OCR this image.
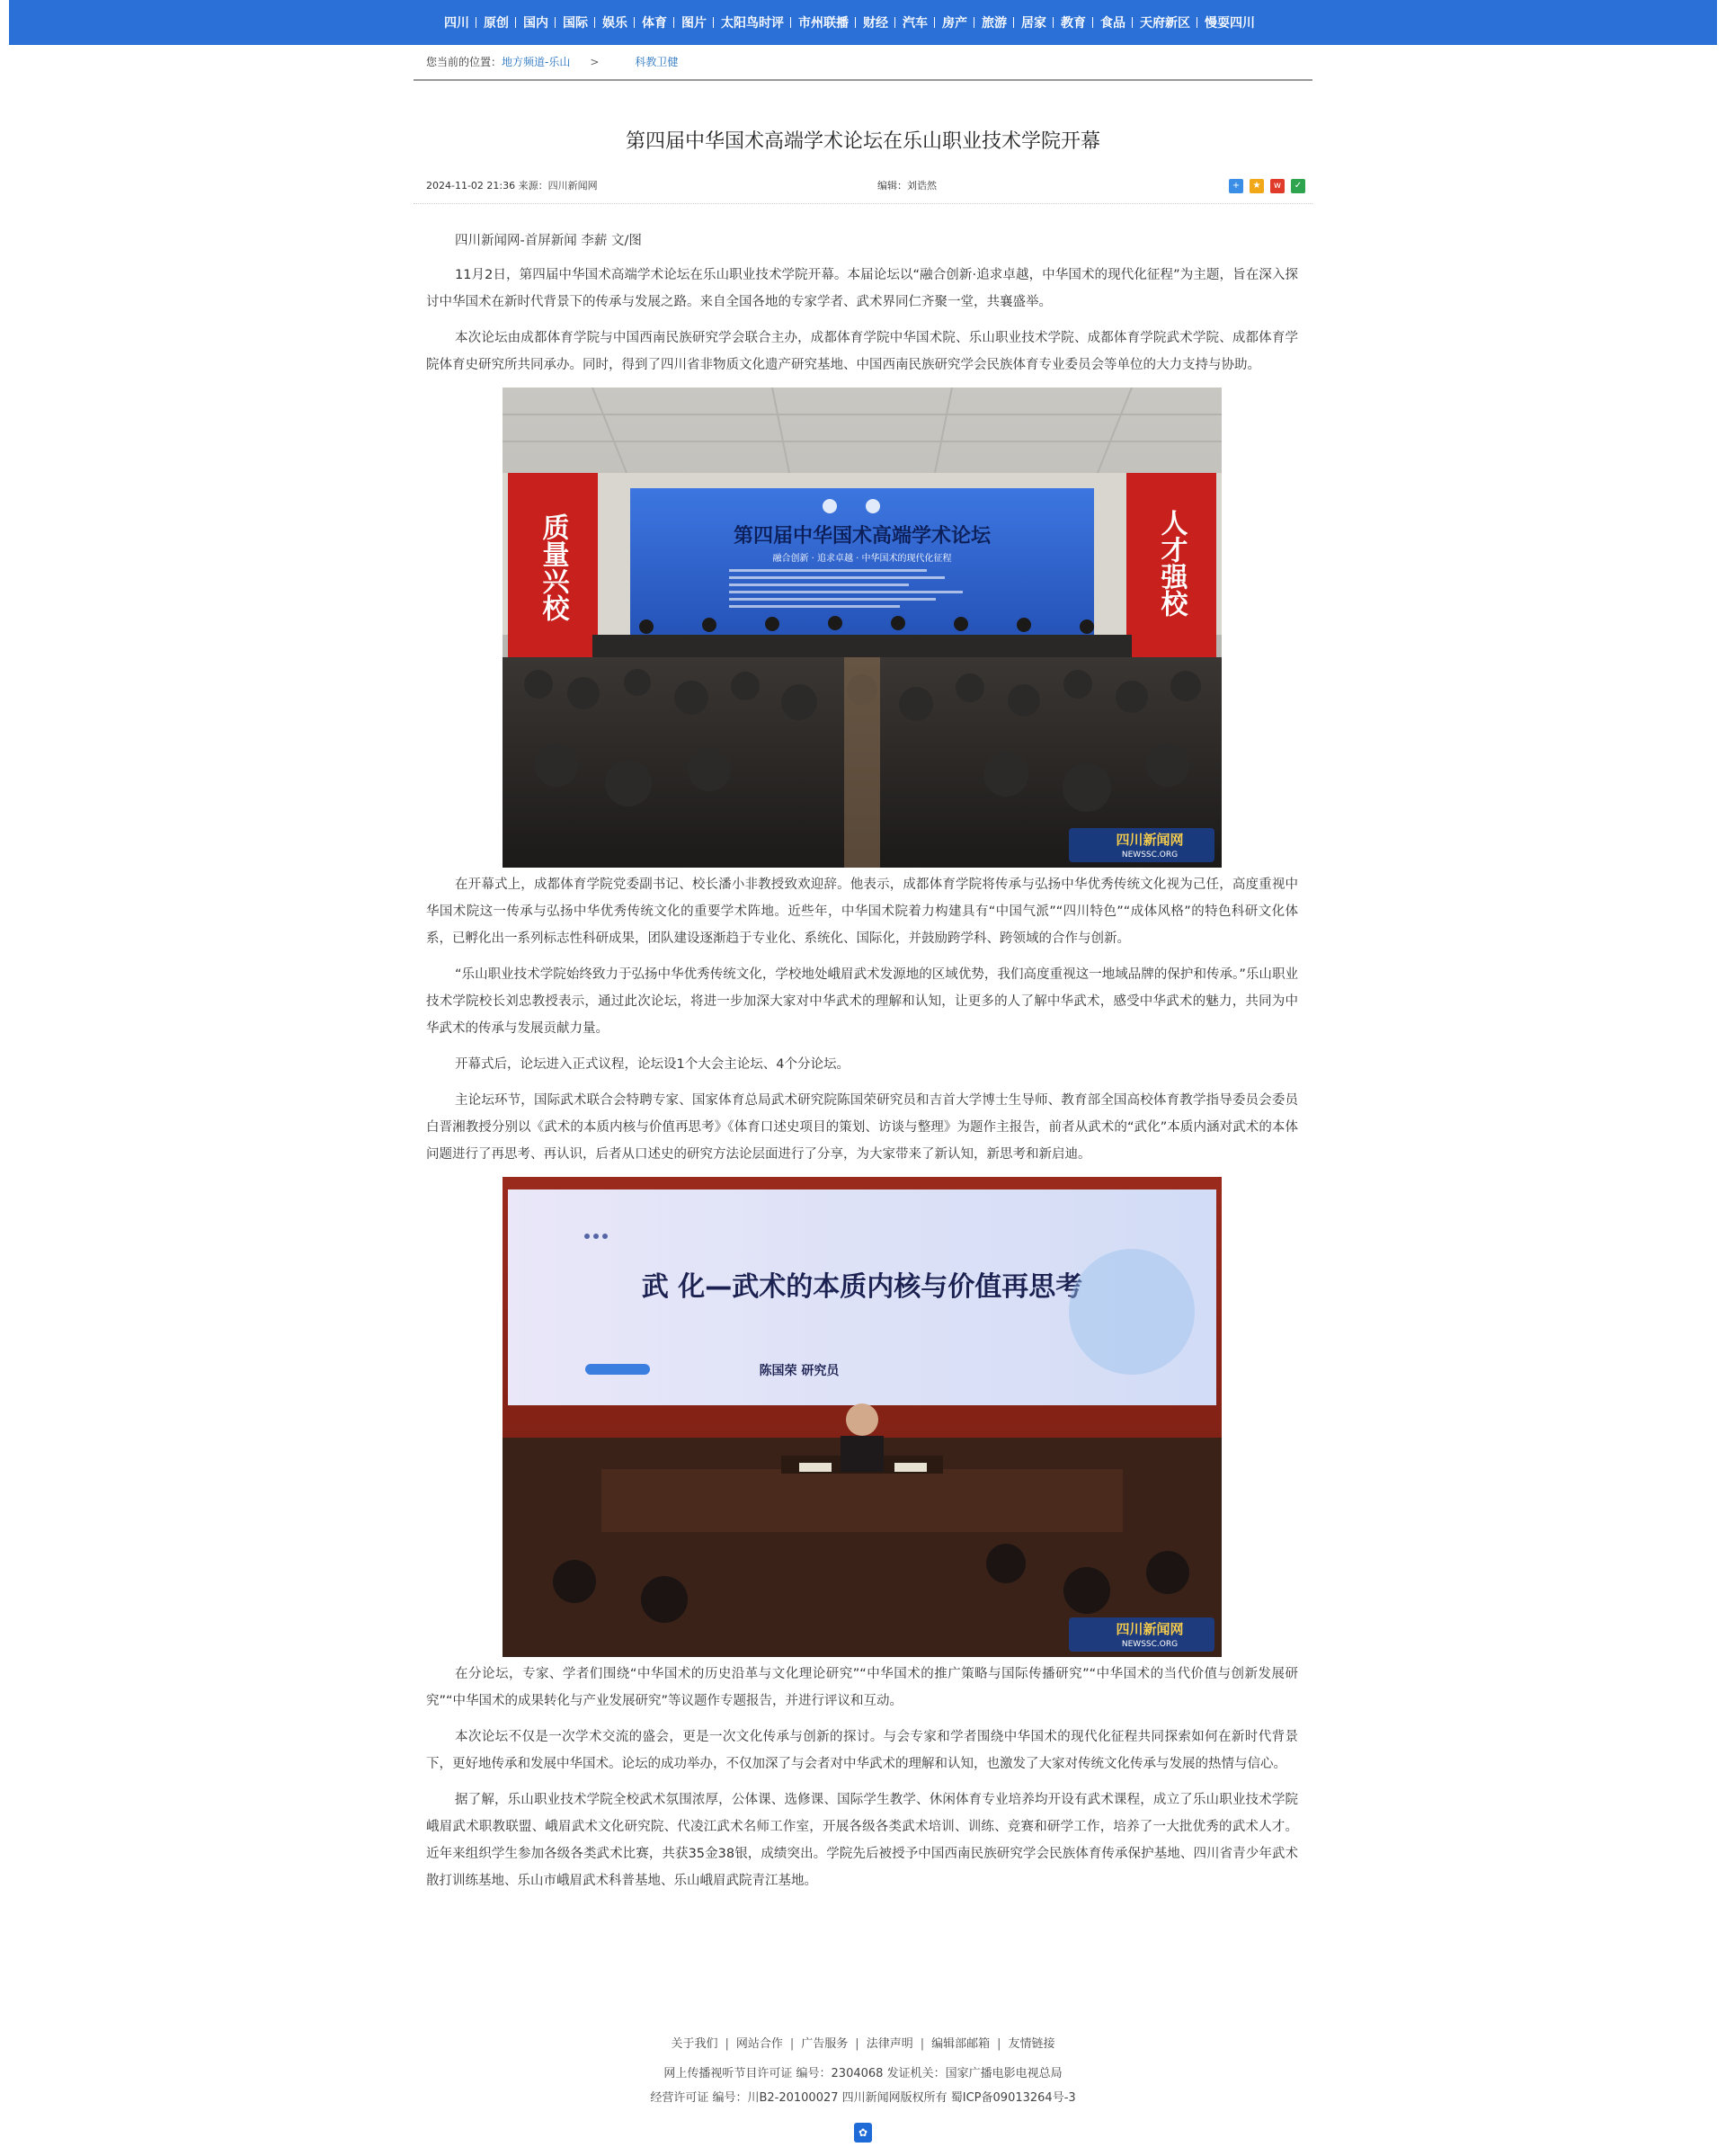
四川	原创	国内	国际	娱乐	体育	图片	太阳鸟时评	市州联播	财经	汽车	房产	旅游	居家	教育	食品	天府新区	慢耍四川
您当前的位置：地方频道-乐山 >	科教卫健
第四届中华国术高端学术论坛在乐山职业技术学院开幕
2024-11-02 21:36 来源：四川新闻网	编辑：刘诰然	+	★	w	✓

四川新闻网-首屏新闻 李薪 文/图

11月2日，第四届中华国术高端学术论坛在乐山职业技术学院开幕。本届论坛以“融合创新·追求卓越，中华国术的现代化征程”为主题，旨在深入探讨中华国术在新时代背景下的传承与发展之路。来自全国各地的专家学者、武术界同仁齐聚一堂，共襄盛举。

本次论坛由成都体育学院与中国西南民族研究学会联合主办，成都体育学院中华国术院、乐山职业技术学院、成都体育学院武术学院、成都体育学院体育史研究所共同承办。同时，得到了四川省非物质文化遗产研究基地、中国西南民族研究学会民族体育专业委员会等单位的大力支持与协助。

质量兴校	人才强校
第四届中华国术高端学术论坛
融合创新 · 追求卓越 · 中华国术的现代化征程
四川新闻网
NEWSSC.ORG

在开幕式上，成都体育学院党委副书记、校长潘小非教授致欢迎辞。他表示，成都体育学院将传承与弘扬中华优秀传统文化视为己任，高度重视中华国术院这一传承与弘扬中华优秀传统文化的重要学术阵地。近些年，中华国术院着力构建具有“中国气派”“四川特色”“成体风格”的特色科研文化体系，已孵化出一系列标志性科研成果，团队建设逐渐趋于专业化、系统化、国际化，并鼓励跨学科、跨领域的合作与创新。

“乐山职业技术学院始终致力于弘扬中华优秀传统文化，学校地处峨眉武术发源地的区域优势，我们高度重视这一地域品牌的保护和传承。”乐山职业技术学院校长刘忠教授表示，通过此次论坛，将进一步加深大家对中华武术的理解和认知，让更多的人了解中华武术，感受中华武术的魅力，共同为中华武术的传承与发展贡献力量。

开幕式后，论坛进入正式议程，论坛设1个大会主论坛、4个分论坛。

主论坛环节，国际武术联合会特聘专家、国家体育总局武术研究院陈国荣研究员和吉首大学博士生导师、教育部全国高校体育教学指导委员会委员白晋湘教授分别以《武术的本质内核与价值再思考》《体育口述史项目的策划、访谈与整理》为题作主报告，前者从武术的“武化”本质内涵对武术的本体问题进行了再思考、再认识，后者从口述史的研究方法论层面进行了分享，为大家带来了新认知，新思考和新启迪。

武 化—武术的本质内核与价值再思考
陈国荣 研究员
四川新闻网
NEWSSC.ORG

在分论坛，专家、学者们围绕“中华国术的历史沿革与文化理论研究”“中华国术的推广策略与国际传播研究”“中华国术的当代价值与创新发展研究”“中华国术的成果转化与产业发展研究”等议题作专题报告，并进行评议和互动。

本次论坛不仅是一次学术交流的盛会，更是一次文化传承与创新的探讨。与会专家和学者围绕中华国术的现代化征程共同探索如何在新时代背景下，更好地传承和发展中华国术。论坛的成功举办，不仅加深了与会者对中华武术的理解和认知，也激发了大家对传统文化传承与发展的热情与信心。

据了解，乐山职业技术学院全校武术氛围浓厚，公体课、选修课、国际学生教学、休闲体育专业培养均开设有武术课程，成立了乐山职业技术学院峨眉武术职教联盟、峨眉武术文化研究院、代凌江武术名师工作室，开展各级各类武术培训、训练、竞赛和研学工作，培养了一大批优秀的武术人才。近年来组织学生参加各级各类武术比赛，共获35金38银，成绩突出。学院先后被授予中国西南民族研究学会民族体育传承保护基地、四川省青少年武术散打训练基地、乐山市峨眉武术科普基地、乐山峨眉武院青江基地。

关于我们 | 网站合作 | 广告服务 | 法律声明 | 编辑部邮箱 | 友情链接
网上传播视听节目许可证 编号：2304068 发证机关：国家广播电影电视总局
经营许可证 编号：川B2-20100027 四川新闻网版权所有 蜀ICP备09013264号-3
✿
